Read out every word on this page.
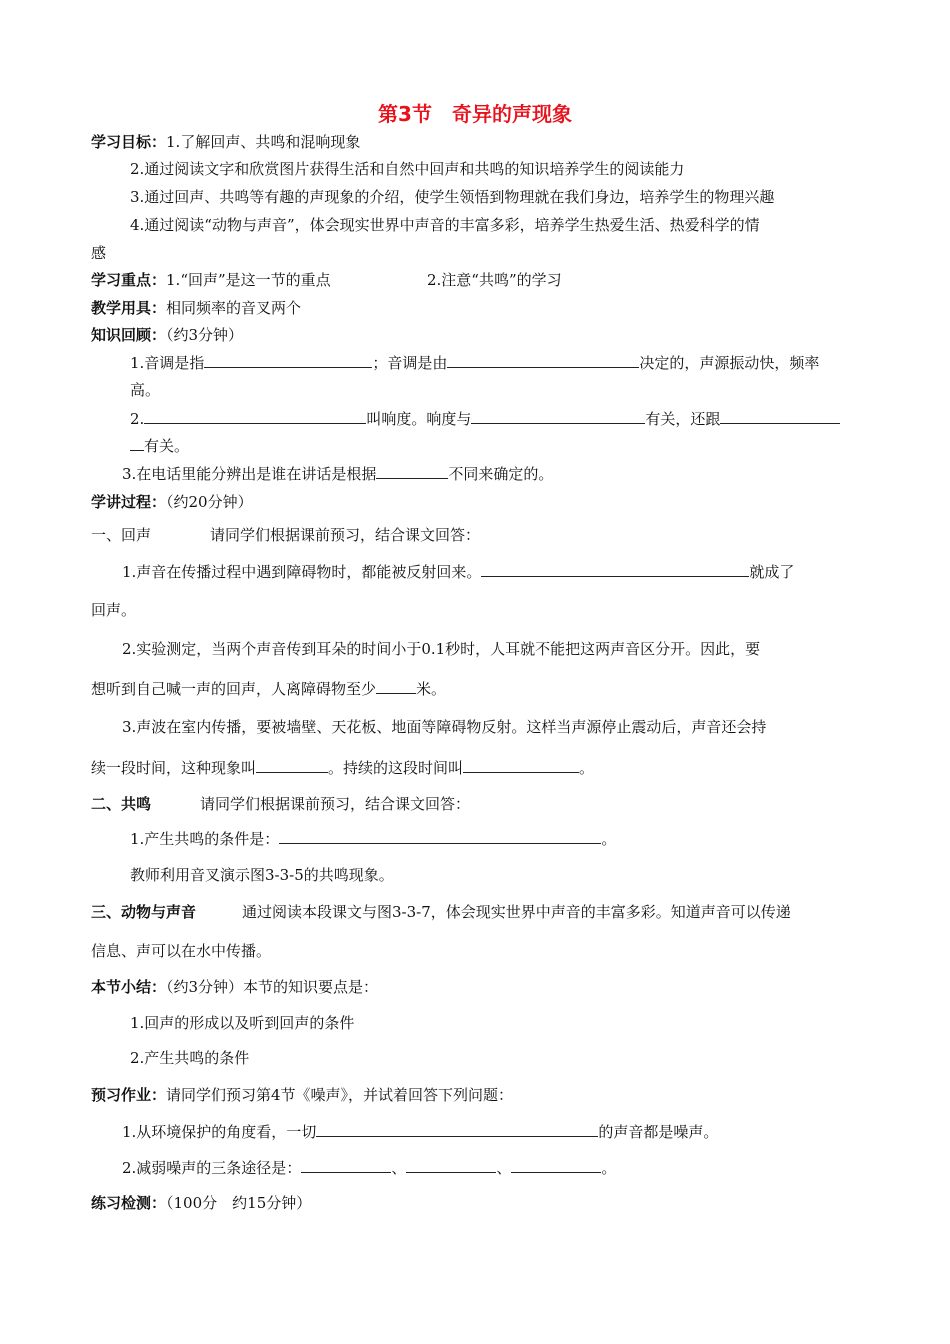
第3节　奇异的声现象
学习目标：1.了解回声、共鸣和混响现象
2.通过阅读文字和欣赏图片获得生活和自然中回声和共鸣的知识培养学生的阅读能力
3.通过回声、共鸣等有趣的声现象的介绍，使学生领悟到物理就在我们身边，培养学生的物理兴趣
4.通过阅读“动物与声音”，体会现实世界中声音的丰富多彩，培养学生热爱生活、热爱科学的情
感
学习重点：1.“回声”是这一节的重点	2.注意“共鸣”的学习
教学用具：相同频率的音叉两个
知识回顾：（约3分钟）
1.音调是指	；音调是由	决定的，声源振动快，频率
高。
2.	叫响度。响度与	有关，还跟
有关。
3.在电话里能分辨出是谁在讲话是根据	不同来确定的。
学讲过程：（约20分钟）
一、回声	请同学们根据课前预习，结合课文回答：
1.声音在传播过程中遇到障碍物时，都能被反射回来。	就成了
回声。
2.实验测定，当两个声音传到耳朵的时间小于0.1秒时，人耳就不能把这两声音区分开。因此，要
想听到自己喊一声的回声，人离障碍物至少	米。
3.声波在室内传播，要被墙壁、天花板、地面等障碍物反射。这样当声源停止震动后，声音还会持
续一段时间，这种现象叫	。持续的这段时间叫	。
二、共鸣	请同学们根据课前预习，结合课文回答：
1.产生共鸣的条件是：	。
教师利用音叉演示图3-3-5的共鸣现象。
三、动物与声音	通过阅读本段课文与图3-3-7，体会现实世界中声音的丰富多彩。知道声音可以传递
信息、声可以在水中传播。
本节小结：（约3分钟）本节的知识要点是：
1.回声的形成以及听到回声的条件
2.产生共鸣的条件
预习作业：请同学们预习第4节《噪声》，并试着回答下列问题：
1.从环境保护的角度看，一切	的声音都是噪声。
2.减弱噪声的三条途径是：	、	、	。
练习检测：（100分　约15分钟）
